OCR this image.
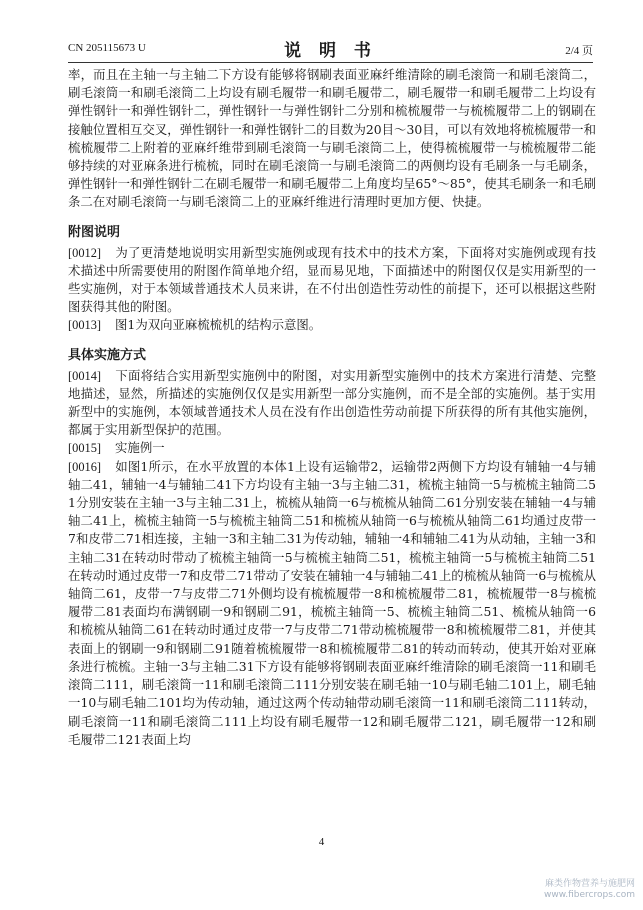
CN 205115673 U	说 明 书	2/4 页

率，而且在主轴一与主轴二下方设有能够将钢刷表面亚麻纤维清除的刷毛滚筒一和刷毛滚筒二，刷毛滚筒一和刷毛滚筒二上均设有刷毛履带一和刷毛履带二，刷毛履带一和刷毛履带二上均设有弹性钢针一和弹性钢针二，弹性钢针一与弹性钢针二分别和梳梳履带一与梳梳履带二上的钢刷在接触位置相互交叉，弹性钢针一和弹性钢针二的目数为20目～30目，可以有效地将梳梳履带一和梳梳履带二上附着的亚麻纤维带到刷毛滚筒一与刷毛滚筒二上，使得梳梳履带一与梳梳履带二能够持续的对亚麻条进行梳梳，同时在刷毛滚筒一与刷毛滚筒二的两侧均设有毛刷条一与毛刷条，弹性钢针一和弹性钢针二在刷毛履带一和刷毛履带二上角度均呈65°～85°，使其毛刷条一和毛刷条二在对刷毛滚筒一与刷毛滚筒二上的亚麻纤维进行清理时更加方便、快捷。

附图说明

[0012] 为了更清楚地说明实用新型实施例或现有技术中的技术方案，下面将对实施例或现有技术描述中所需要使用的附图作简单地介绍，显而易见地，下面描述中的附图仅仅是实用新型的一些实施例，对于本领域普通技术人员来讲，在不付出创造性劳动性的前提下，还可以根据这些附图获得其他的附图。

[0013] 图1为双向亚麻梳梳机的结构示意图。

具体实施方式

[0014] 下面将结合实用新型实施例中的附图，对实用新型实施例中的技术方案进行清楚、完整地描述，显然，所描述的实施例仅仅是实用新型一部分实施例，而不是全部的实施例。基于实用新型中的实施例，本领域普通技术人员在没有作出创造性劳动前提下所获得的所有其他实施例，都属于实用新型保护的范围。

[0015] 实施例一

[0016] 如图1所示，在水平放置的本体1上设有运输带2，运输带2两侧下方均设有辅轴一4与辅轴二41，辅轴一4与辅轴二41下方均设有主轴一3与主轴二31，梳梳主轴筒一5与梳梳主轴筒二51分别安装在主轴一3与主轴二31上，梳梳从轴筒一6与梳梳从轴筒二61分别安装在辅轴一4与辅轴二41上，梳梳主轴筒一5与梳梳主轴筒二51和梳梳从轴筒一6与梳梳从轴筒二61均通过皮带一7和皮带二71相连接，主轴一3和主轴二31为传动轴，辅轴一4和辅轴二41为从动轴，主轴一3和主轴二31在转动时带动了梳梳主轴筒一5与梳梳主轴筒二51，梳梳主轴筒一5与梳梳主轴筒二51在转动时通过皮带一7和皮带二71带动了安装在辅轴一4与辅轴二41上的梳梳从轴筒一6与梳梳从轴筒二61，皮带一7与皮带二71外侧均设有梳梳履带一8和梳梳履带二81，梳梳履带一8与梳梳履带二81表面均布满钢刷一9和钢刷二91，梳梳主轴筒一5、梳梳主轴筒二51、梳梳从轴筒一6和梳梳从轴筒二61在转动时通过皮带一7与皮带二71带动梳梳履带一8和梳梳履带二81，并使其表面上的钢刷一9和钢刷二91随着梳梳履带一8和梳梳履带二81的转动而转动，使其开始对亚麻条进行梳梳。主轴一3与主轴二31下方设有能够将钢刷表面亚麻纤维清除的刷毛滚筒一11和刷毛滚筒二111，刷毛滚筒一11和刷毛滚筒二111分别安装在刷毛轴一10与刷毛轴二101上，刷毛轴一10与刷毛轴二101均为传动轴，通过这两个传动轴带动刷毛滚筒一11和刷毛滚筒二111转动，刷毛滚筒一11和刷毛滚筒二111上均设有刷毛履带一12和刷毛履带二121，刷毛履带一12和刷毛履带二121表面上均

4
麻类作物营养与施肥网
www.fibercrops.com
